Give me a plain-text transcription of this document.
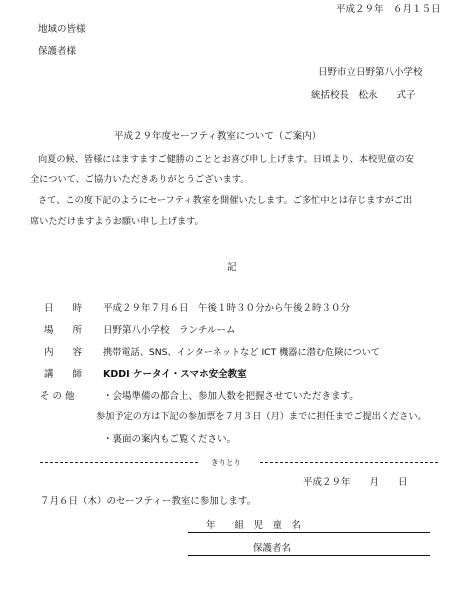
平成２９年　６月１５日
地域の皆様
保護者様
日野市立日野第八小学校
統括校長　松永　　式子
平成２９年度セーフティ教室について（ご案内）
向夏の候、皆様にはますますご健勝のこととお喜び申し上げます。日頃より、本校児童の安
全について、ご協力いただきありがとうございます。
さて、この度下記のようにセーフティ教室を開催いたします。ご多忙中とは存じますがご出
席いただけますようお願い申し上げます。
記
日　　時 平成２９年７月６日　午後１時３０分から午後２時３０分
場　　所 日野第八小学校　ランチルーム
内　　容 携帯電話、SNS、インターネットなど ICT 機器に潜む危険について
講　　師 KDDI ケータイ・スマホ安全教室
そ の 他	・会場準備の都合上、参加人数を把握させていただきます。
参加予定の方は下記の参加票を７月３日（月）までに担任までご提出ください。
・裏面の案内もご覧ください。
きりとり
平成２９年　　月　　日
７月６日（木）のセーフティー教室に参加します。
年　　組　児　童　名
保護者名
